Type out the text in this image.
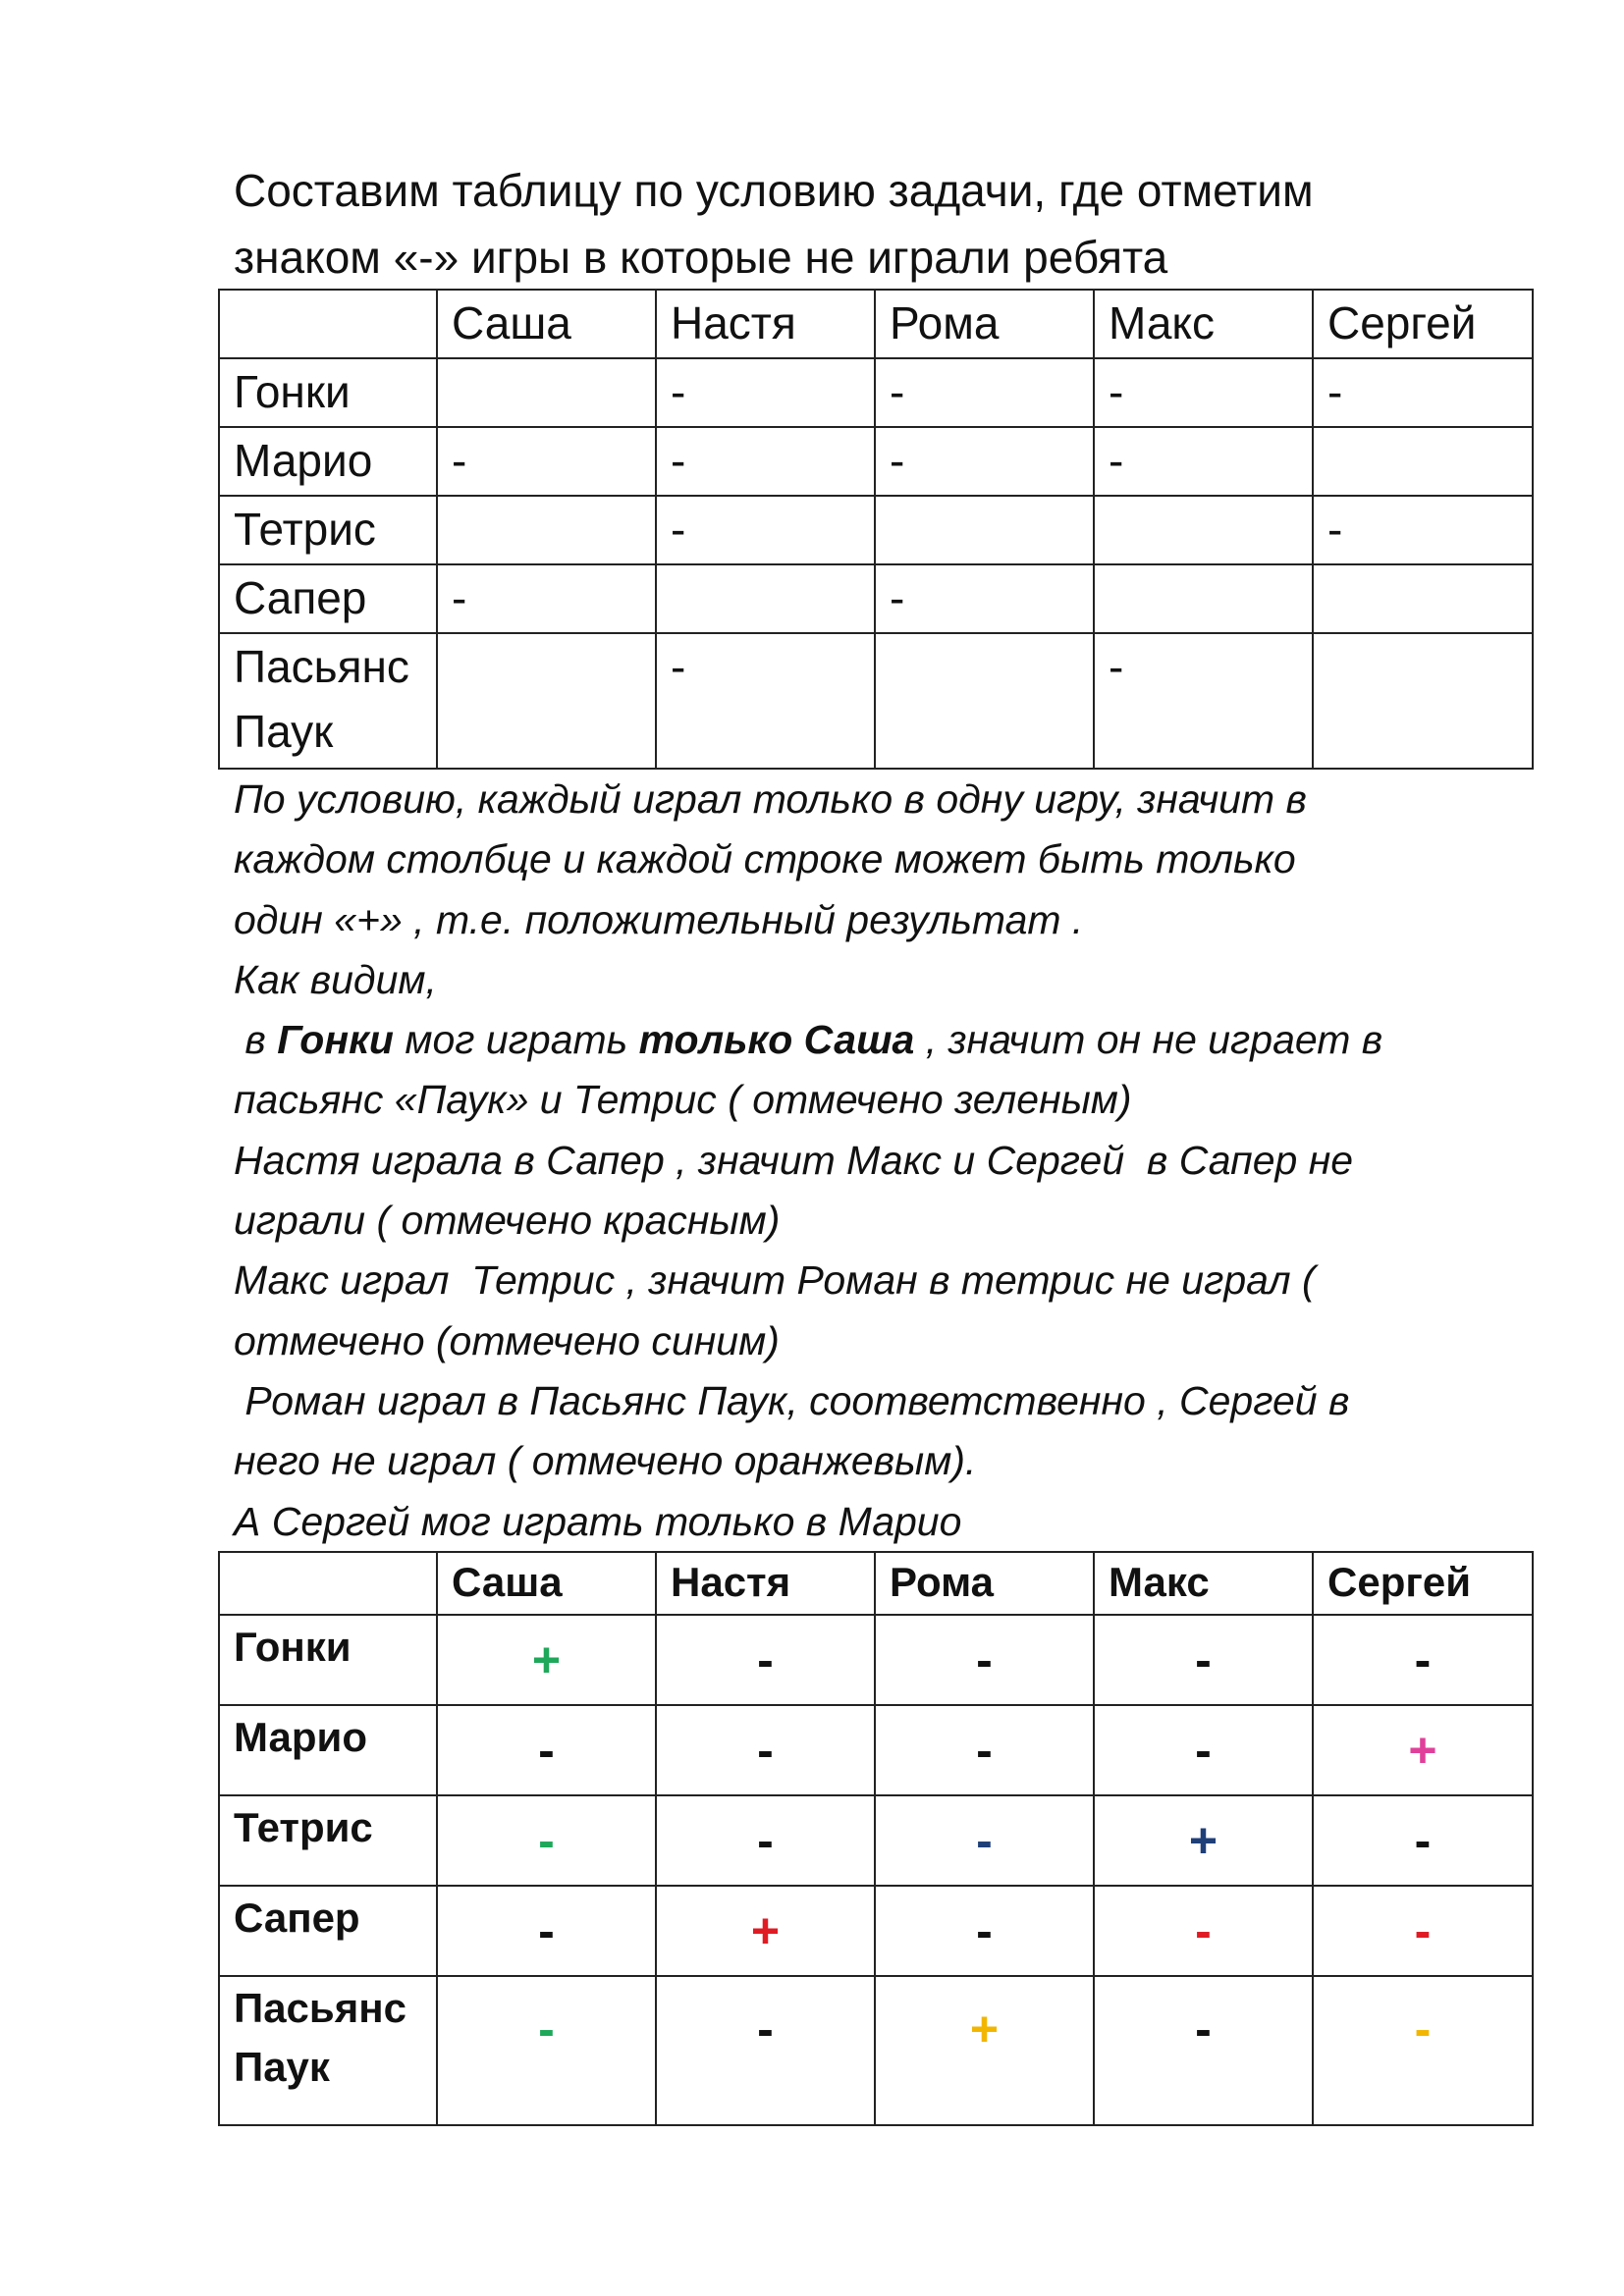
Составим таблицу по условию задачи, где отметим
знаком «-» игры в которые не играли ребята
	Саша	Настя	Рома	Макс	Сергей
Гонки		-	-	-	-
Марио	-	-	-	-	
Тетрис		-			-
Сапер	-		-		

Пасьянс
Паук		-		-	

По условию, каждый играл только в одну игру, значит в

каждом столбце и каждой строке может быть только

один «+» , т.е. положительный результат .

Как видим,

в Гонки мог играть только Саша , значит он не играет в

пасьянс «Паук» и Тетрис ( отмечено зеленым)

Настя играла в Сапер , значит Макс и Сергей  в Сапер не

играли ( отмечено красным)

Макс играл  Тетрис , значит Роман в тетрис не играл (

отмечено (отмечено синим)

Роман играл в Пасьянс Паук, соответственно , Сергей в

него не играл ( отмечено оранжевым).

А Сергей мог играть только в Марио

	Саша	Настя	Рома	Макс	Сергей
Гонки	+	-	-	-	-
Марио	-	-	-	-	+
Тетрис	-	-	-	+	-
Сапер	-	+	-	-	-

Пасьянс
Паук	-	-	+	-	-
